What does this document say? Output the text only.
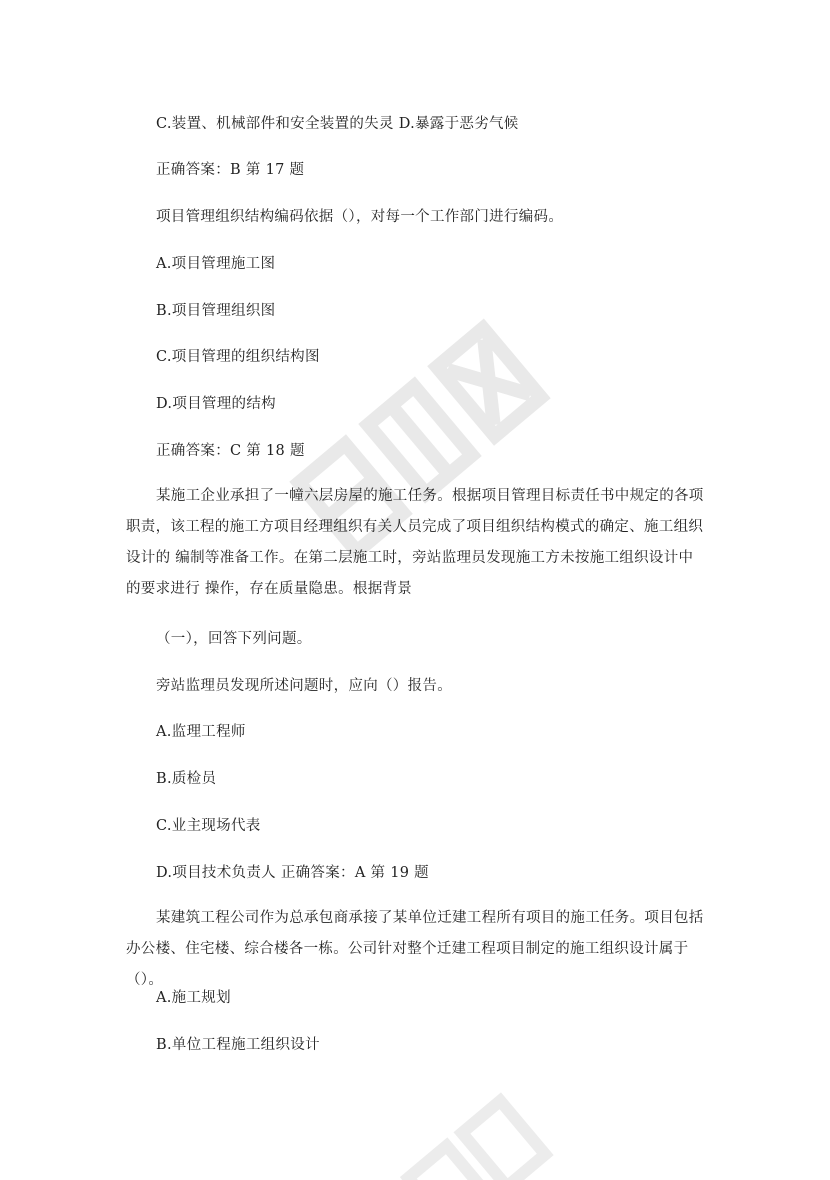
C.装置、机械部件和安全装置的失灵 D.暴露于恶劣气候
正确答案：B 第 17 题
项目管理组织结构编码依据（），对每一个工作部门进行编码。
A.项目管理施工图
B.项目管理组织图
C.项目管理的组织结构图
D.项目管理的结构
正确答案：C 第 18 题
某施工企业承担了一幢六层房屋的施工任务。根据项目管理目标责任书中规定的各项职责，该工程的施工方项目经理组织有关人员完成了项目组织结构模式的确定、施工组织设计的 编制等准备工作。在第二层施工时，旁站监理员发现施工方未按施工组织设计中的要求进行 操作，存在质量隐患。根据背景
（一），回答下列问题。
旁站监理员发现所述问题时，应向（）报告。
A.监理工程师
B.质检员
C.业主现场代表
D.项目技术负责人 正确答案：A 第 19 题
某建筑工程公司作为总承包商承接了某单位迁建工程所有项目的施工任务。项目包括办公楼、住宅楼、综合楼各一栋。公司针对整个迁建工程项目制定的施工组织设计属于（）。
A.施工规划
B.单位工程施工组织设计
